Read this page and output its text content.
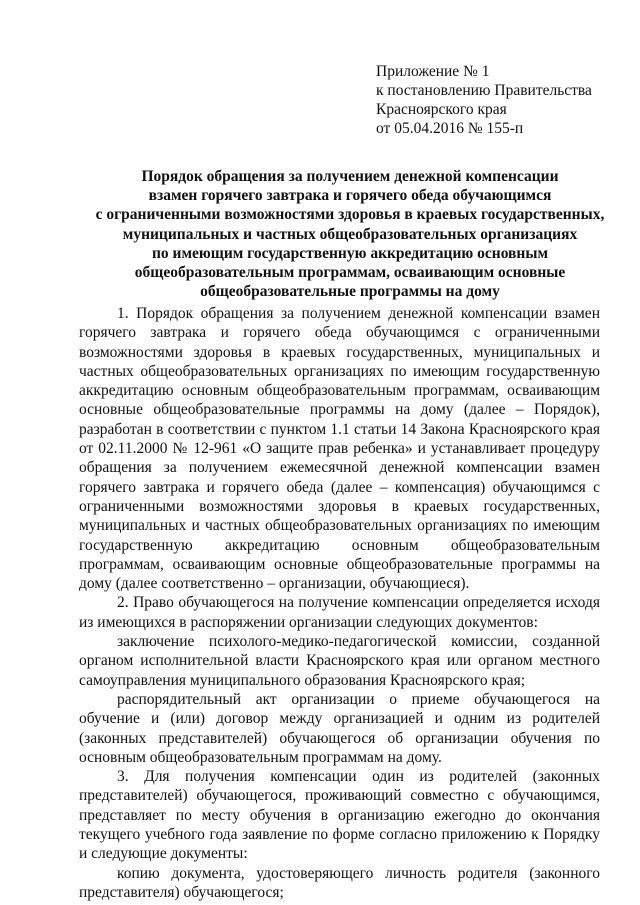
Приложение № 1
к постановлению Правительства
Красноярского края
от 05.04.2016 № 155-п
Порядок обращения за получением денежной компенсации
взамен горячего завтрака и горячего обеда обучающимся
с ограниченными возможностями здоровья в краевых государственных,
муниципальных и частных общеобразовательных организациях
по имеющим государственную аккредитацию основным
общеобразовательным программам, осваивающим основные
общеобразовательные программы на дому

1. Порядок обращения за получением денежной компенсации взамен горячего завтрака и горячего обеда обучающимся с ограниченными возможностями здоровья в краевых государственных, муниципальных и частных общеобразовательных организациях по имеющим государственную аккредитацию основным общеобразовательным программам, осваивающим основные общеобразовательные программы на дому (далее – Порядок), разработан в соответствии с пунктом 1.1 статьи 14 Закона Красноярского края от 02.11.2000 № 12-961 «О защите прав ребенка» и устанавливает процедуру обращения за получением ежемесячной денежной компенсации взамен горячего завтрака и горячего обеда (далее – компенсация) обучающимся с ограниченными возможностями здоровья в краевых государственных, муниципальных и частных общеобразовательных организациях по имеющим государственную аккредитацию основным общеобразовательным программам, осваивающим основные общеобразовательные программы на дому (далее соответственно – организации, обучающиеся).

2. Право обучающегося на получение компенсации определяется исходя из имеющихся в распоряжении организации следующих документов:

заключение психолого-медико-педагогической комиссии, созданной органом исполнительной власти Красноярского края или органом местного самоуправления муниципального образования Красноярского края;

распорядительный акт организации о приеме обучающегося на обучение и (или) договор между организацией и одним из родителей (законных представителей) обучающегося об организации обучения по основным общеобразовательным программам на дому.

3. Для получения компенсации один из родителей (законных представителей) обучающегося, проживающий совместно с обучающимся, представляет по месту обучения в организацию ежегодно до окончания текущего учебного года заявление по форме согласно приложению к Порядку и следующие документы:

копию документа, удостоверяющего личность родителя (законного представителя) обучающегося;
